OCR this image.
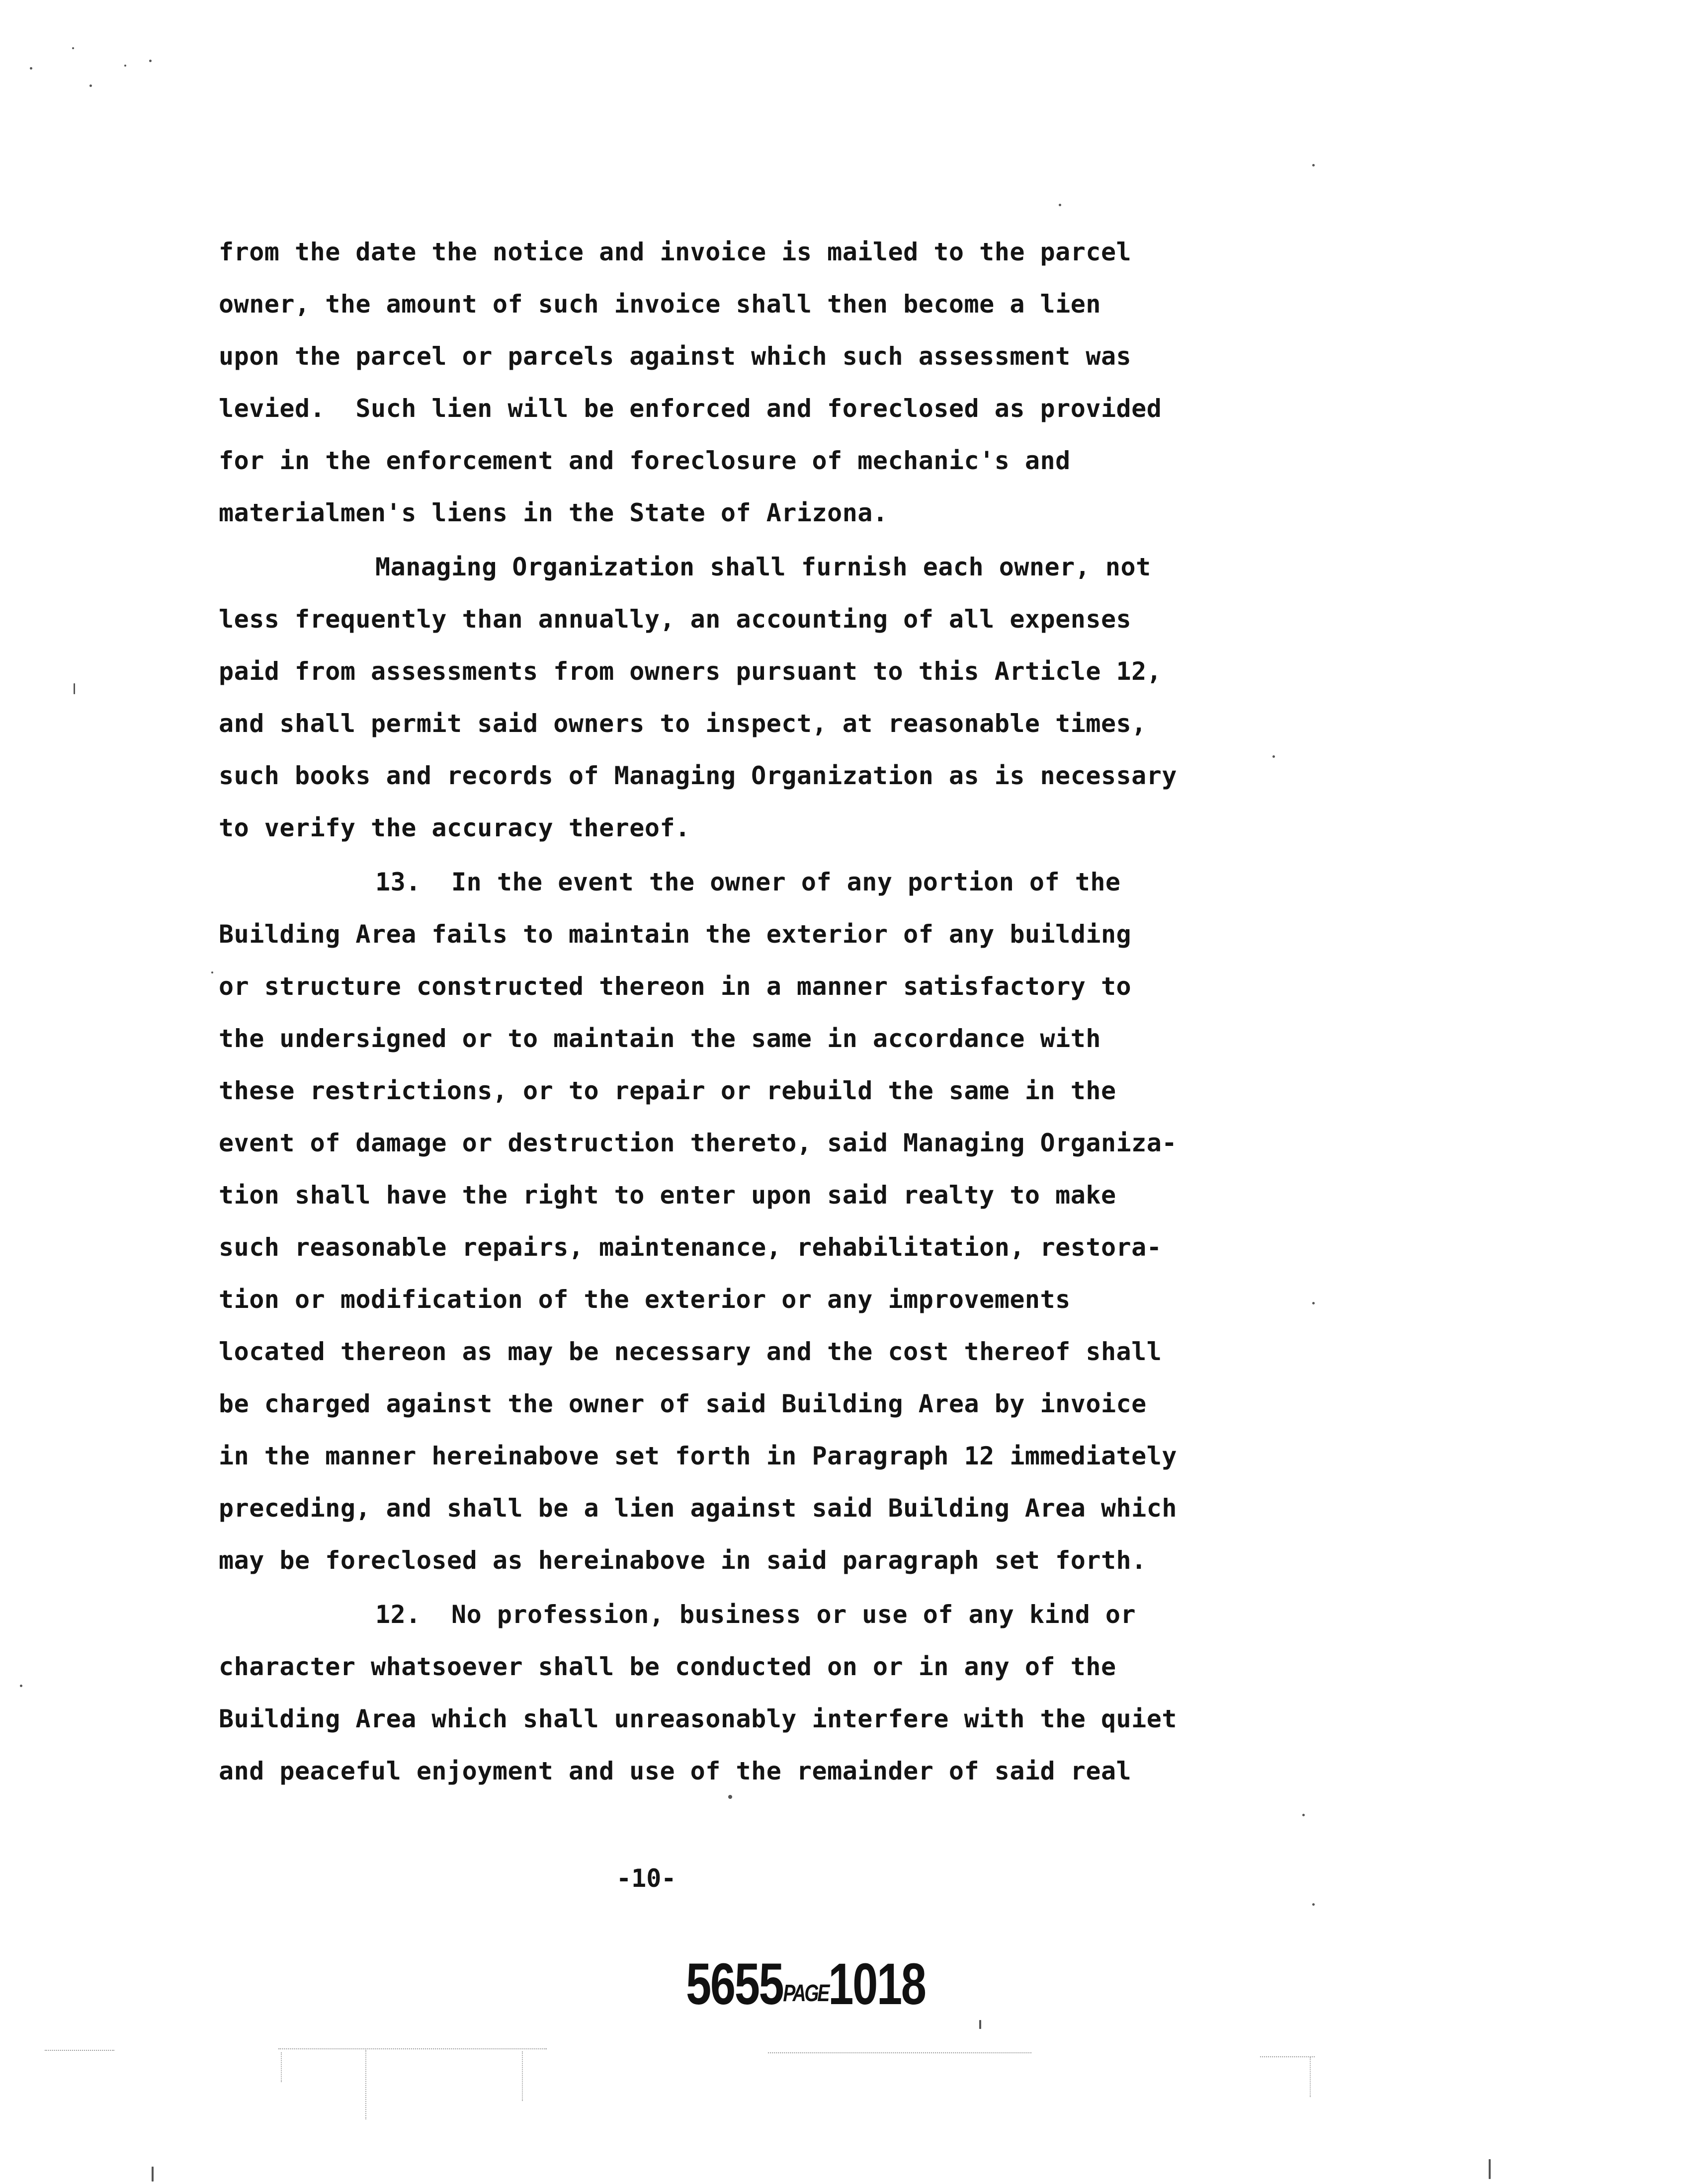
from the date the notice and invoice is mailed to the parcel
owner, the amount of such invoice shall then become a lien
upon the parcel or parcels against which such assessment was
levied.  Such lien will be enforced and foreclosed as provided
for in the enforcement and foreclosure of mechanic's and
materialmen's liens in the State of Arizona.
Managing Organization shall furnish each owner, not
less frequently than annually, an accounting of all expenses
paid from assessments from owners pursuant to this Article 12,
and shall permit said owners to inspect, at reasonable times,
such books and records of Managing Organization as is necessary
to verify the accuracy thereof.
13.  In the event the owner of any portion of the
Building Area fails to maintain the exterior of any building
or structure constructed thereon in a manner satisfactory to
the undersigned or to maintain the same in accordance with
these restrictions, or to repair or rebuild the same in the
event of damage or destruction thereto, said Managing Organiza-
tion shall have the right to enter upon said realty to make
such reasonable repairs, maintenance, rehabilitation, restora-
tion or modification of the exterior or any improvements
located thereon as may be necessary and the cost thereof shall
be charged against the owner of said Building Area by invoice
in the manner hereinabove set forth in Paragraph 12 immediately
preceding, and shall be a lien against said Building Area which
may be foreclosed as hereinabove in said paragraph set forth.
12.  No profession, business or use of any kind or
character whatsoever shall be conducted on or in any of the
Building Area which shall unreasonably interfere with the quiet
and peaceful enjoyment and use of the remainder of said real
-10-
5655PAGE1018
